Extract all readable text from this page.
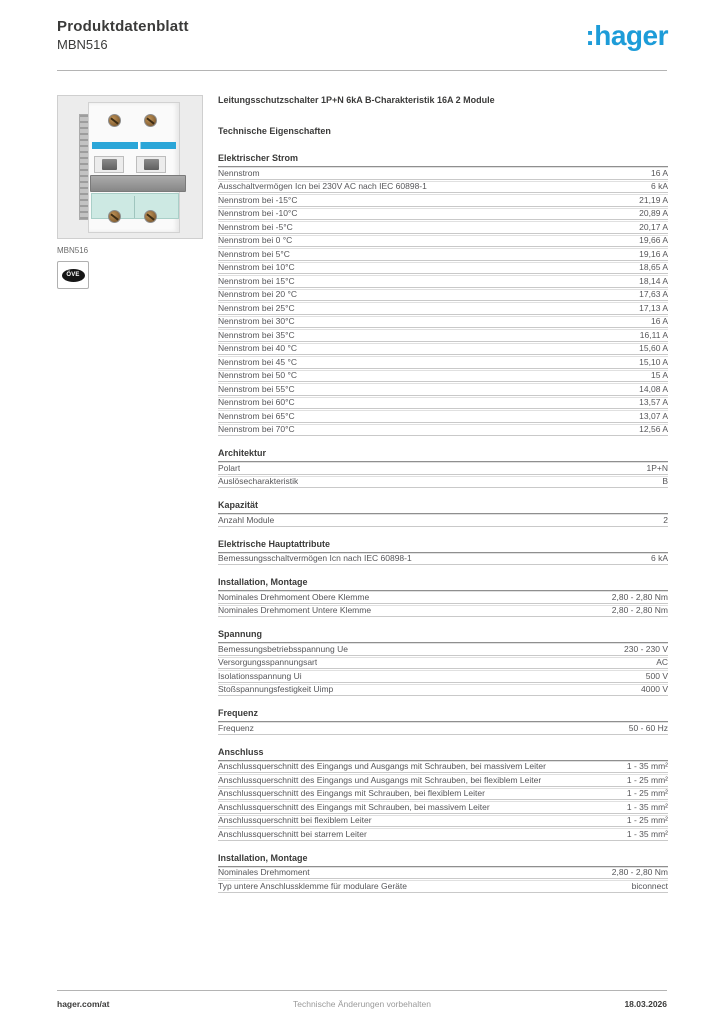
Produktdatenblatt
MBN516	:hager
MBN516
ÖVE
Leitungsschutzschalter 1P+N 6kA B-Charakteristik 16A 2 Module
Technische Eigenschaften
Elektrischer Strom
Nennstrom	16 A
Ausschaltvermögen Icn bei 230V AC nach IEC 60898-1	6 kA
Nennstrom bei -15°C	21,19 A
Nennstrom bei -10°C	20,89 A
Nennstrom bei -5°C	20,17 A
Nennstrom bei 0 °C	19,66 A
Nennstrom bei 5°C	19,16 A
Nennstrom bei 10°C	18,65 A
Nennstrom bei 15°C	18,14 A
Nennstrom bei 20 °C	17,63 A
Nennstrom bei 25°C	17,13 A
Nennstrom bei 30°C	16 A
Nennstrom bei 35°C	16,11 A
Nennstrom bei 40 °C	15,60 A
Nennstrom bei 45 °C	15,10 A
Nennstrom bei 50 °C	15 A
Nennstrom bei 55°C	14,08 A
Nennstrom bei 60°C	13,57 A
Nennstrom bei 65°C	13,07 A
Nennstrom bei 70°C	12,56 A
Architektur
Polart	1P+N
Auslösecharakteristik	B
Kapazität
Anzahl Module	2
Elektrische Hauptattribute
Bemessungsschaltvermögen Icn nach IEC 60898-1	6 kA
Installation, Montage
Nominales Drehmoment Obere Klemme	2,80 - 2,80 Nm
Nominales Drehmoment Untere Klemme	2,80 - 2,80 Nm
Spannung
Bemessungsbetriebsspannung Ue	230 - 230 V
Versorgungsspannungsart	AC
Isolationsspannung Ui	500 V
Stoßspannungsfestigkeit Uimp	4000 V
Frequenz
Frequenz	50 - 60 Hz
Anschluss
Anschlussquerschnitt des Eingangs und Ausgangs mit Schrauben, bei massivem Leiter	1 - 35 mm²
Anschlussquerschnitt des Eingangs und Ausgangs mit Schrauben, bei flexiblem Leiter	1 - 25 mm²
Anschlussquerschnitt des Eingangs mit Schrauben, bei flexiblem Leiter	1 - 25 mm²
Anschlussquerschnitt des Eingangs mit Schrauben, bei massivem Leiter	1 - 35 mm²
Anschlussquerschnitt bei flexiblem Leiter	1 - 25 mm²
Anschlussquerschnitt bei starrem Leiter	1 - 35 mm²
Installation, Montage
Nominales Drehmoment	2,80 - 2,80 Nm
Typ untere Anschlussklemme für modulare Geräte	biconnect
hager.com/at	Technische Änderungen vorbehalten	18.03.2026
